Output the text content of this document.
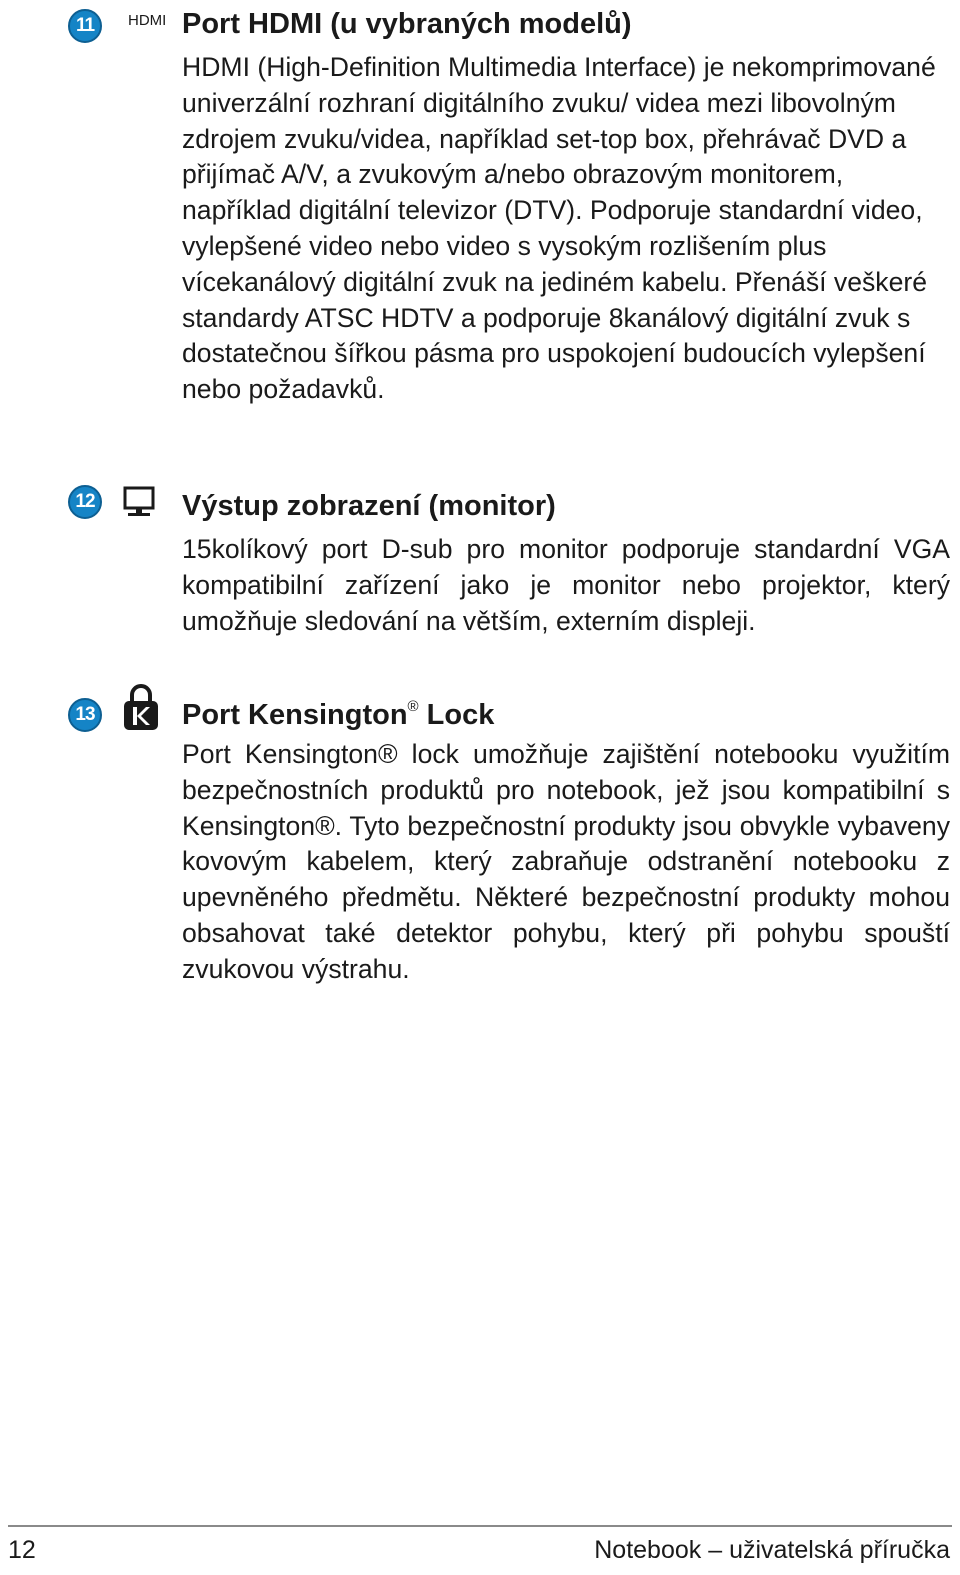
11	HDMI Port HDMI (u vybraných modelů)

HDMI (High-Definition Multimedia Interface) je nekomprimované univerzální rozhraní digitálního zvuku/ videa mezi libovolným zdrojem zvuku/videa, například set-top box, přehrávač DVD a přijímač A/V, a zvukovým a/nebo obrazovým monitorem, například digitální televizor (DTV). Podporuje standardní video, vylepšené video nebo video s vysokým rozlišením plus vícekanálový digitální zvuk na jediném kabelu. Přenáší veškeré standardy ATSC HDTV a podporuje 8kanálový digitální zvuk s dostatečnou šířkou pásma pro uspokojení budoucích vylepšení nebo požadavků.

12	Výstup zobrazení (monitor)

15kolíkový port D-sub pro monitor podporuje standardní VGA kompatibilní zařízení jako je monitor nebo projektor, který umožňuje sledování na větším, externím displeji.

13	Port Kensington® Lock

Port Kensington® lock umožňuje zajištění notebooku využitím bezpečnostních produktů pro notebook, jež jsou kompatibilní s Kensington®. Tyto bezpečnostní produkty jsou obvykle vybaveny kovovým kabelem, který zabraňuje odstranění notebooku z upevněného předmětu. Některé bezpečnostní produkty mohou obsahovat také detektor pohybu, který při pohybu spouští zvukovou výstrahu.

12	Notebook – uživatelská příručka
